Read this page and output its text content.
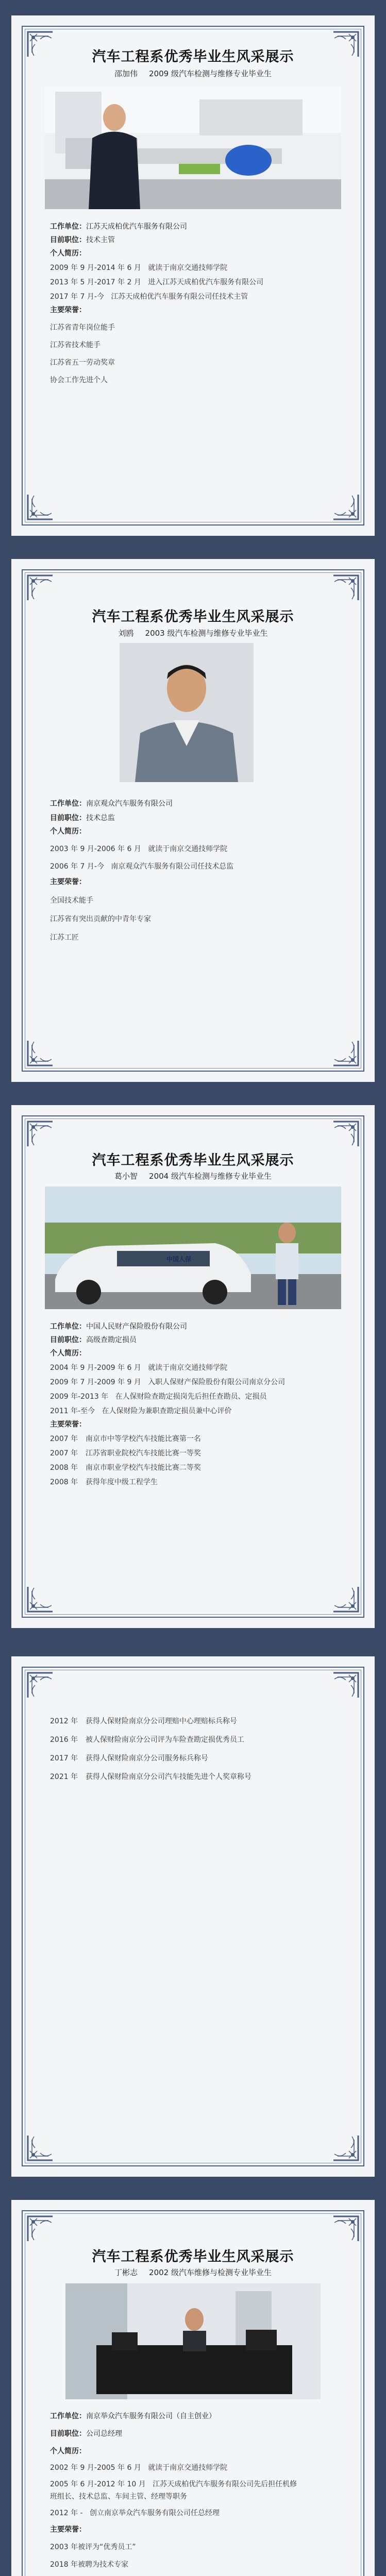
汽车工程系优秀毕业生风采展示
邵加伟 2009 级汽车检测与维修专业毕业生
工作单位：江苏天成柏优汽车服务有限公司
目前职位：技术主管
个人简历：
2009 年 9 月-2014 年 6 月 就读于南京交通技师学院
2013 年 5 月-2017 年 2 月 进入江苏天成柏优汽车服务有限公司
2017 年 7 月-今 江苏天成柏优汽车服务有限公司任技术主管
主要荣誉：
江苏省青年岗位能手
江苏省技术能手
江苏省五一劳动奖章
协会工作先进个人
汽车工程系优秀毕业生风采展示
刘鸥 2003 级汽车检测与维修专业毕业生
工作单位：南京观众汽车服务有限公司
目前职位：技术总监
个人简历：
2003 年 9 月-2006 年 6 月 就读于南京交通技师学院
2006 年 7 月-今 南京观众汽车服务有限公司任技术总监
主要荣誉：
全国技术能手
江苏省有突出贡献的中青年专家
江苏工匠
汽车工程系优秀毕业生风采展示
葛小智 2004 级汽车检测与维修专业毕业生
中国人保
工作单位：中国人民财产保险股份有限公司
目前职位：高级查勘定损员
个人简历：
2004 年 9 月-2009 年 6 月 就读于南京交通技师学院
2009 年 7 月-2009 年 9 月 入职人保财产保险股份有限公司南京分公司
2009 年-2013 年 在人保财险查勘定损岗先后担任查勘员、定损员
2011 年-至今 在人保财险为兼职查勘定损员兼中心评价
主要荣誉：
2007 年 南京市中等学校汽车技能比赛第一名
2007 年 江苏省职业院校汽车技能比赛一等奖
2008 年 南京市职业学校汽车技能比赛二等奖
2008 年 获得年度中级工程学生
2012 年 获得人保财险南京分公司理赔中心理赔标兵称号
2016 年 被人保财险南京分公司评为车险查勘定损优秀员工
2017 年 获得人保财险南京分公司服务标兵称号
2021 年 获得人保财险南京分公司汽车技能先进个人奖章称号
汽车工程系优秀毕业生风采展示
丁彬志 2002 级汽车维修与检测专业毕业生
工作单位：南京举众汽车服务有限公司（自主创业）
目前职位：公司总经理
个人简历：
2002 年 9 月-2005 年 6 月 就读于南京交通技师学院
2005 年 6 月-2012 年 10 月 江苏天成柏优汽车服务有限公司先后担任机修
班组长、技术总监、车间主管、经理等职务
2012 年 - 创立南京举众汽车服务有限公司任总经理
主要荣誉：
2003 年被评为“优秀员工”
2018 年被聘为技术专家
